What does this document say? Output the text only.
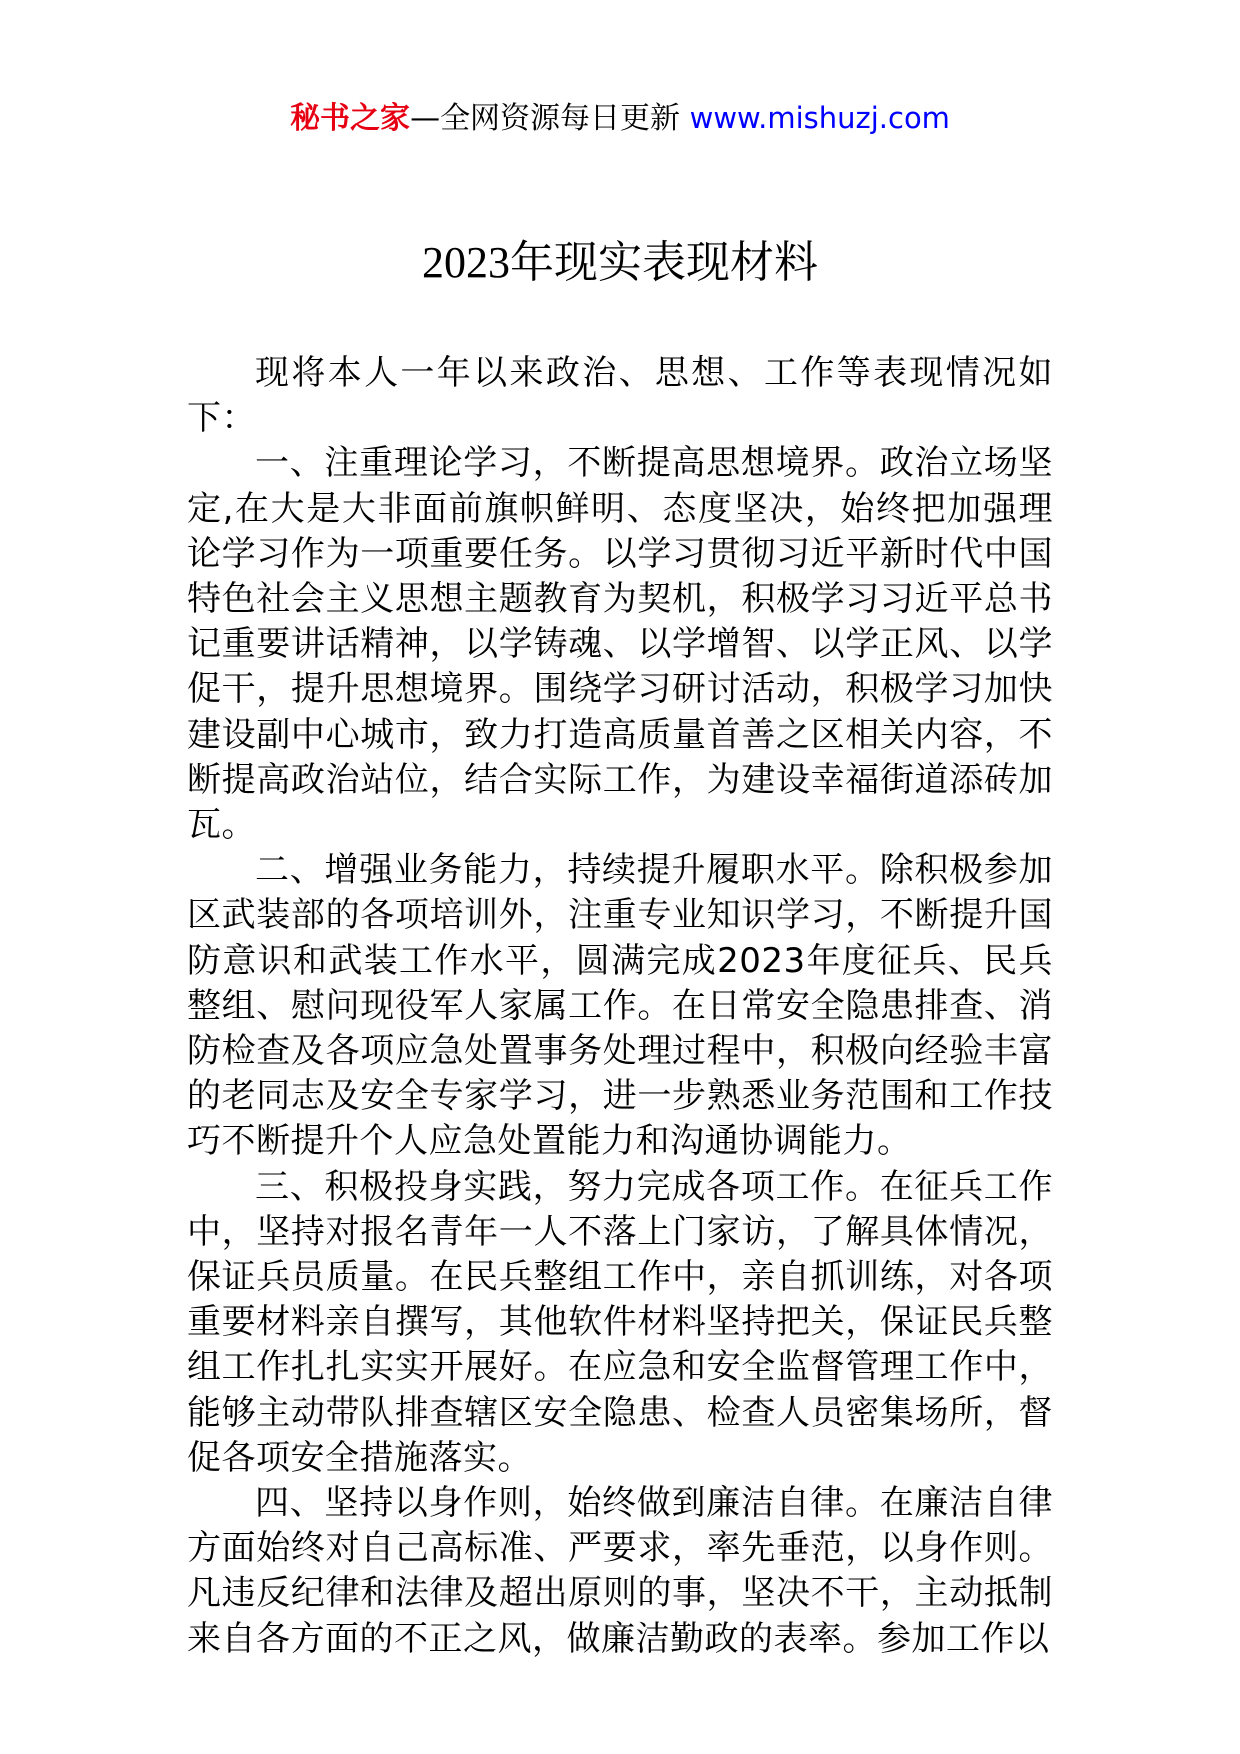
秘书之家—全网资源每日更新 www.mishuzj.com
2023年现实表现材料

现将本人一年以来政治、思想、工作等表现情况如下：

一、注重理论学习，不断提高思想境界。政治立场坚定,在大是大非面前旗帜鲜明、态度坚决，始终把加强理论学习作为一项重要任务。以学习贯彻习近平新时代中国特色社会主义思想主题教育为契机，积极学习习近平总书记重要讲话精神，以学铸魂、以学增智、以学正风、以学促干，提升思想境界。围绕学习研讨活动，积极学习加快建设副中心城市，致力打造高质量首善之区相关内容，不断提高政治站位，结合实际工作，为建设幸福街道添砖加瓦。

二、增强业务能力，持续提升履职水平。除积极参加区武装部的各项培训外，注重专业知识学习，不断提升国防意识和武装工作水平，圆满完成2023年度征兵、民兵整组、慰问现役军人家属工作。在日常安全隐患排查、消防检查及各项应急处置事务处理过程中，积极向经验丰富的老同志及安全专家学习，进一步熟悉业务范围和工作技巧不断提升个人应急处置能力和沟通协调能力。

三、积极投身实践，努力完成各项工作。在征兵工作中，坚持对报名青年一人不落上门家访，了解具体情况，保证兵员质量。在民兵整组工作中，亲自抓训练，对各项重要材料亲自撰写，其他软件材料坚持把关，保证民兵整组工作扎扎实实开展好。在应急和安全监督管理工作中，能够主动带队排查辖区安全隐患、检查人员密集场所，督促各项安全措施落实。

四、坚持以身作则，始终做到廉洁自律。在廉洁自律方面始终对自己高标准、严要求，率先垂范，以身作则。凡违反纪律和法律及超出原则的事，坚决不干，主动抵制来自各方面的不正之风，做廉洁勤政的表率。参加工作以
